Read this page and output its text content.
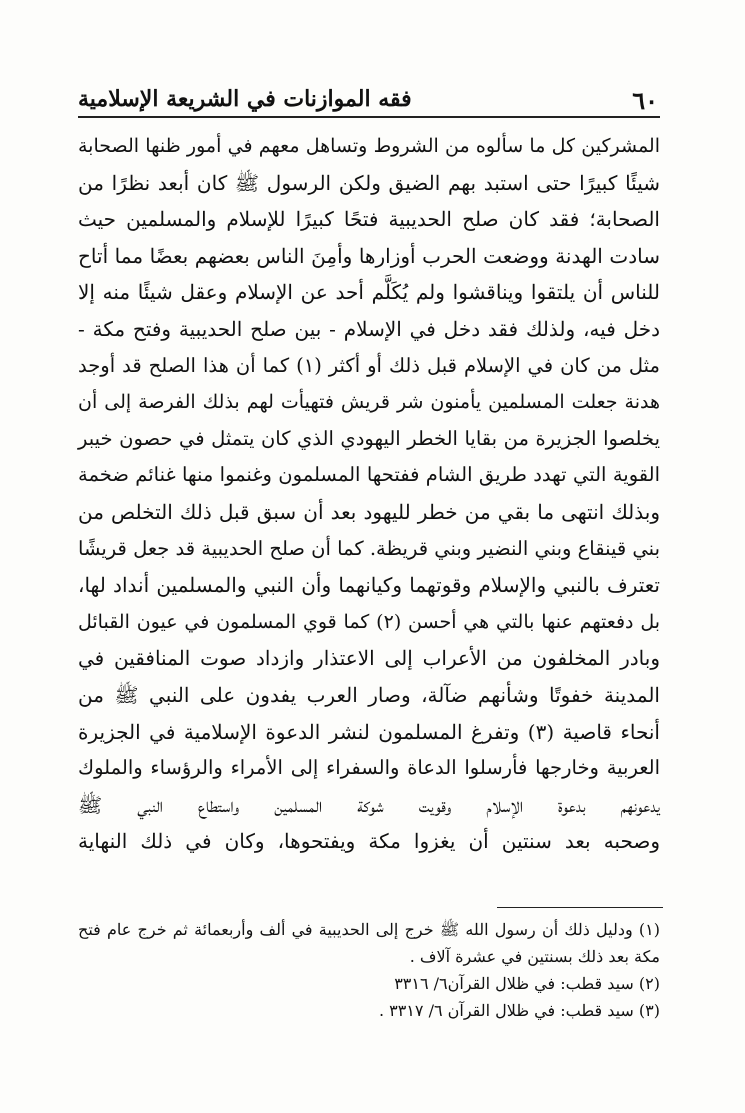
٦٠
فقه الموازنات في الشريعة الإسلامية
المشركين كل ما سألوه من الشروط وتساهل معهم في أمور ظنها الصحابة
شيئًا كبيرًا حتى استبد بهم الضيق ولكن الرسول ﷺ كان أبعد نظرًا من
الصحابة؛ فقد كان صلح الحديبية فتحًا كبيرًا للإسلام والمسلمين حيث
سادت الهدنة ووضعت الحرب أوزارها وأمِنَ الناس بعضهم بعضًا مما أتاح
للناس أن يلتقوا ويناقشوا ولم يُكَلَّم أحد عن الإسلام وعقل شيئًا منه إلا
دخل فيه، ولذلك فقد دخل في الإسلام - بين صلح الحديبية وفتح مكة -
مثل من كان في الإسلام قبل ذلك أو أكثر (١) كما أن هذا الصلح قد أوجد
هدنة جعلت المسلمين يأمنون شر قريش فتهيأت لهم بذلك الفرصة إلى أن
يخلصوا الجزيرة من بقايا الخطر اليهودي الذي كان يتمثل في حصون خيبر
القوية التي تهدد طريق الشام ففتحها المسلمون وغنموا منها غنائم ضخمة
وبذلك انتهى ما بقي من خطر لليهود بعد أن سبق قبل ذلك التخلص من
بني قينقاع وبني النضير وبني قريظة. كما أن صلح الحديبية قد جعل قريشًا
تعترف بالنبي والإسلام وقوتهما وكيانهما وأن النبي والمسلمين أنداد لها،
بل دفعتهم عنها بالتي هي أحسن (٢) كما قوي المسلمون في عيون القبائل
وبادر المخلفون من الأعراب إلى الاعتذار وازداد صوت المنافقين في
المدينة خفوتًا وشأنهم ضآلة، وصار العرب يفدون على النبي ﷺ من
أنحاء قاصية (٣) وتفرغ المسلمون لنشر الدعوة الإسلامية في الجزيرة
العربية وخارجها فأرسلوا الدعاة والسفراء إلى الأمراء والرؤساء والملوك
يدعونهم بدعوة الإسلام وقويت شوكة المسلمين واستطاع النبي ﷺ
وصحبه بعد سنتين أن يغزوا مكة ويفتحوها، وكان في ذلك النهاية
(١) ودليل ذلك أن رسول الله ﷺ خرج إلى الحديبية في ألف وأربعمائة ثم خرج عام فتح
مكة بعد ذلك بسنتين في عشرة آلاف .
(٢) سيد قطب: في ظلال القرآن٦/ ٣٣١٦
(٣) سيد قطب: في ظلال القرآن ٦/ ٣٣١٧ .
